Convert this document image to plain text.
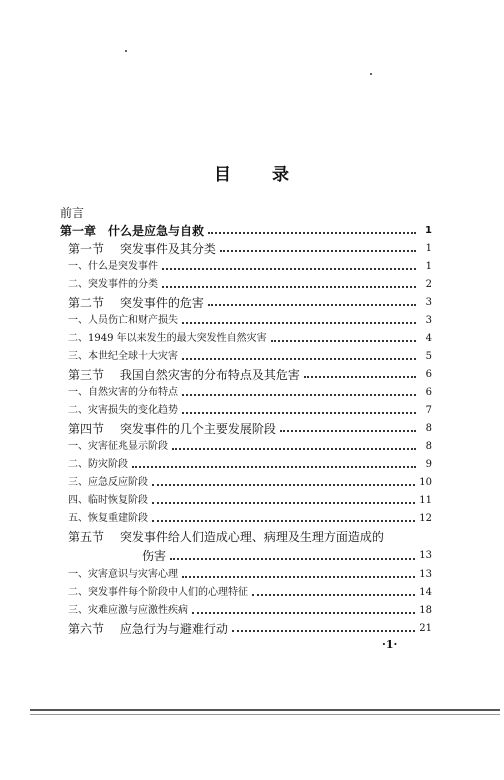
目 录
前言
第一章　什么是应急与自救	1
第一节　 突发事件及其分类	1
一、什么是突发事件	1
二、突发事件的分类	2
第二节　 突发事件的危害	3
一、人员伤亡和财产损失	3
二、1949 年以来发生的最大突发性自然灾害	4
三、本世纪全球十大灾害	5
第三节　 我国自然灾害的分布特点及其危害	6
一、自然灾害的分布特点	6
二、灾害损失的变化趋势	7
第四节　 突发事件的几个主要发展阶段	8
一、灾害征兆显示阶段	8
二、防灾阶段	9
三、应急反应阶段	10
四、临时恢复阶段	11
五、恢复重建阶段	12
第五节　 突发事件给人们造成心理、病理及生理方面造成的
伤害	13
一、灾害意识与灾害心理	13
二、突发事件每个阶段中人们的心理特征	14
三、灾难应激与应激性疾病	18
第六节　 应急行为与避难行动	21
·1·
